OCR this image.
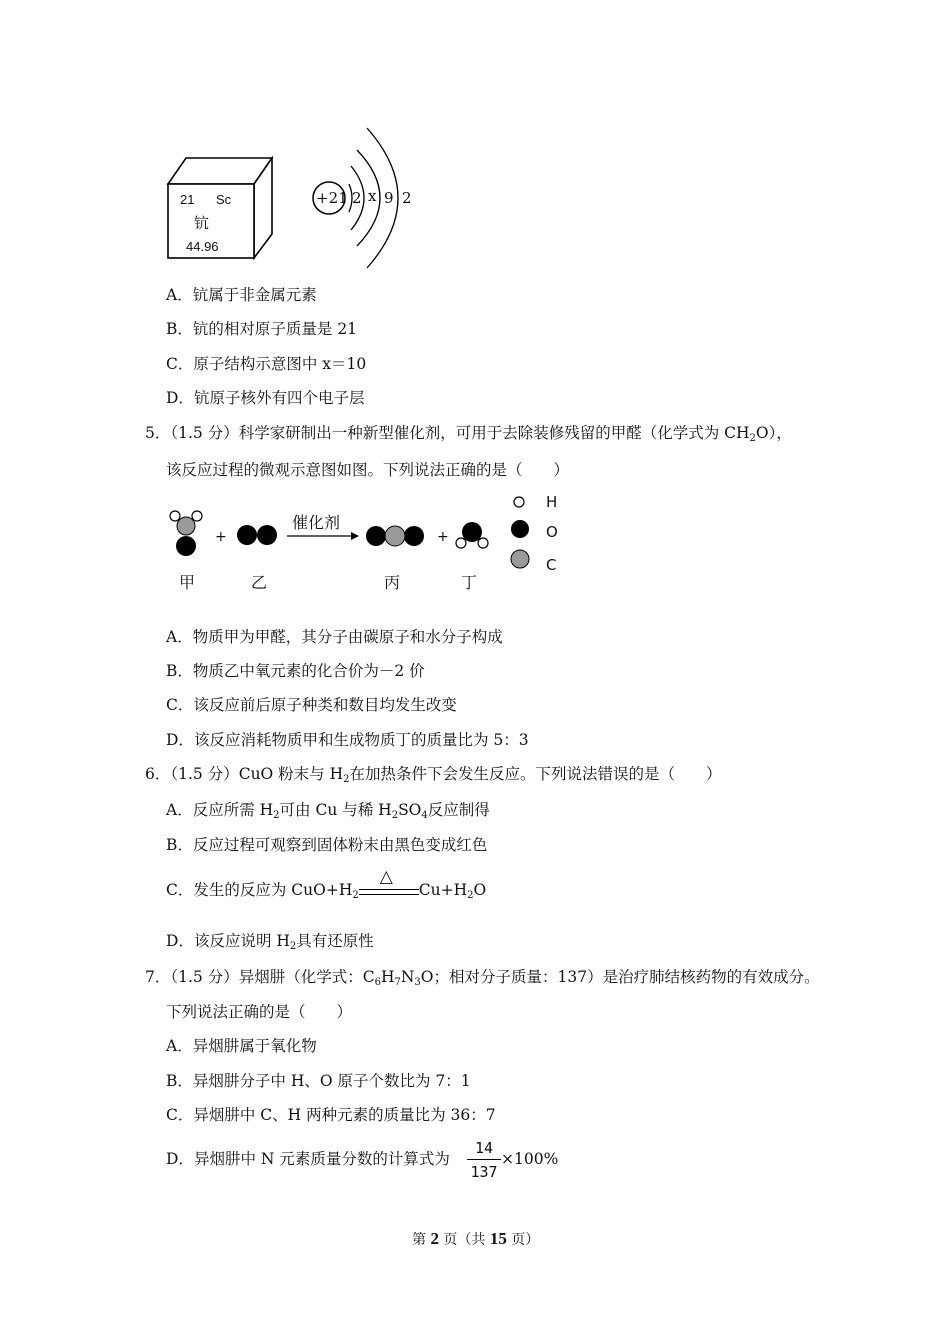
21 Sc
钪
44.96
+21 2 x 9 2
A．钪属于非金属元素
B．钪的相对原子质量是 21
C．原子结构示意图中 x＝10
D．钪原子核外有四个电子层
5．（1.5 分）科学家研制出一种新型催化剂，可用于去除装修残留的甲醛（化学式为 $CH_2O$），
该反应过程的微观示意图如图。下列说法正确的是（　　）
+
催化剂
+
H
O
C
甲	乙	丙	丁
A．物质甲为甲醛，其分子由碳原子和水分子构成
B．物质乙中氧元素的化合价为－2 价
C．该反应前后原子种类和数目均发生改变
D．该反应消耗物质甲和生成物质丁的质量比为 5：3
6．（1.5 分）CuO 粉末与 $H_2$在加热条件下会发生反应。下列说法错误的是（　　）
A．反应所需 $H_2$可由 Cu 与稀 $H_2SO_4$反应制得
B．反应过程可观察到固体粉末由黑色变成红色
C．发生的反应为 $CuO+H_2$
△
$Cu+H_2O$
D．该反应说明 $H_2$具有还原性
7．（1.5 分）异烟肼（化学式：$C_6H_7N_3O$；相对分子质量：137）是治疗肺结核药物的有效成分。
下列说法正确的是（　　）
A．异烟肼属于氧化物
B．异烟肼分子中 H、O 原子个数比为 7：1
C．异烟肼中 C、H 两种元素的质量比为 36：7
D．异烟肼中 N 元素质量分数的计算式为
14
137
×100%
第 2 页（共 15 页）
